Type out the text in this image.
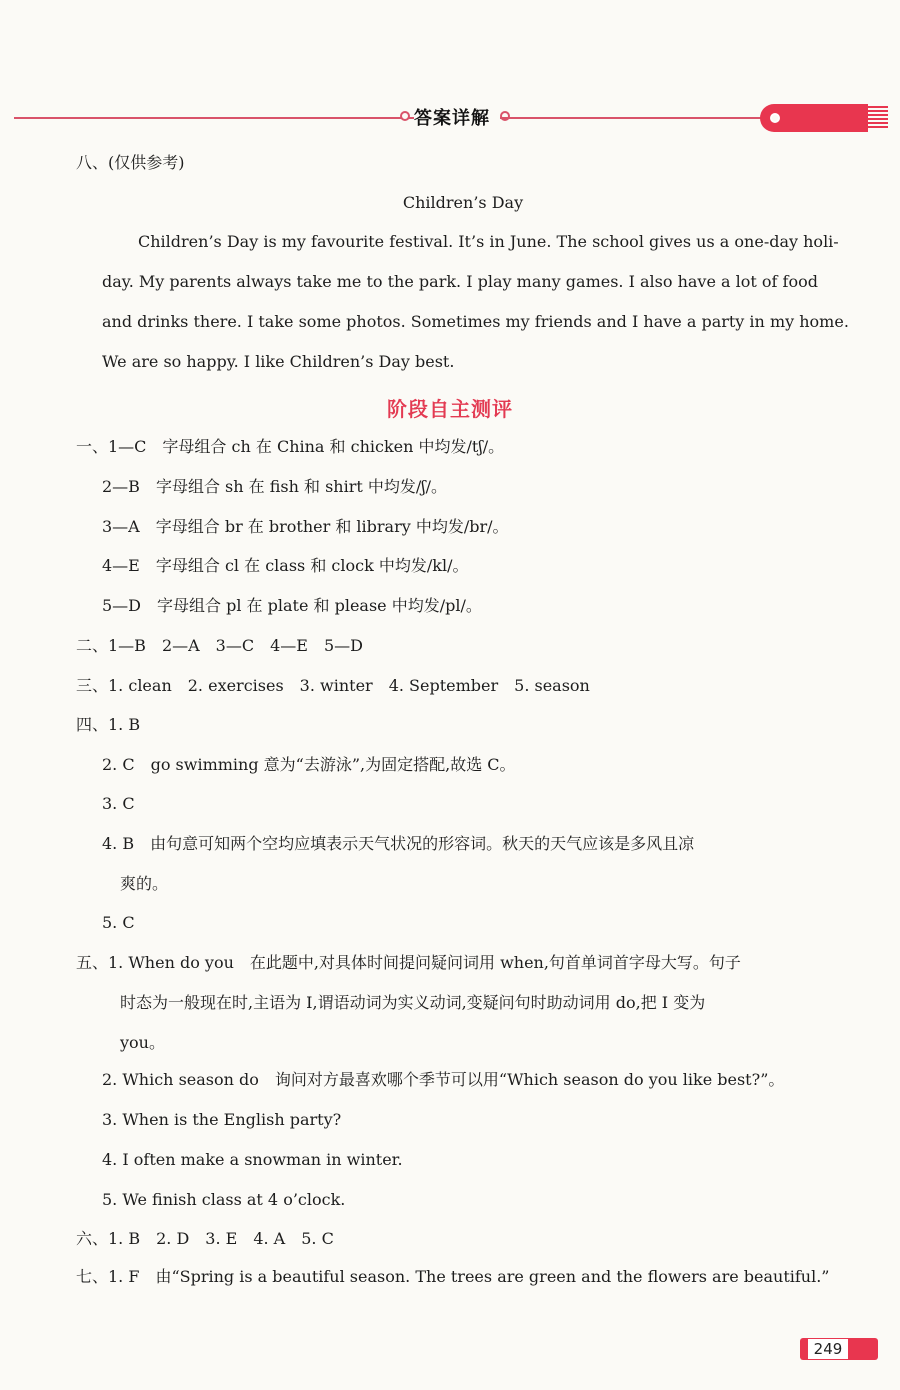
答案详解
八、(仅供参考)
Children’s Day
Children’s Day is my favourite festival. It’s in June. The school gives us a one-day holi-
day. My parents always take me to the park. I play many games. I also have a lot of food
and drinks there. I take some photos. Sometimes my friends and I have a party in my home.
We are so happy. I like Children’s Day best.
阶段自主测评
一、1—C　字母组合 ch 在 China 和 chicken 中均发/tʃ/。
2—B　字母组合 sh 在 fish 和 shirt 中均发/ʃ/。
3—A　字母组合 br 在 brother 和 library 中均发/br/。
4—E　字母组合 cl 在 class 和 clock 中均发/kl/。
5—D　字母组合 pl 在 plate 和 please 中均发/pl/。
二、1—B　2—A　3—C　4—E　5—D
三、1. clean　2. exercises　3. winter　4. September　5. season
四、1. B
2. C　go swimming 意为“去游泳”,为固定搭配,故选 C。
3. C
4. B　由句意可知两个空均应填表示天气状况的形容词。秋天的天气应该是多风且凉
爽的。
5. C
五、1. When do you　在此题中,对具体时间提问疑问词用 when,句首单词首字母大写。句子
时态为一般现在时,主语为 I,谓语动词为实义动词,变疑问句时助动词用 do,把 I 变为
you。
2. Which season do　询问对方最喜欢哪个季节可以用“Which season do you like best?”。
3. When is the English party?
4. I often make a snowman in winter.
5. We finish class at 4 o’clock.
六、1. B　2. D　3. E　4. A　5. C
七、1. F　由“Spring is a beautiful season. The trees are green and the flowers are beautiful.”
249
